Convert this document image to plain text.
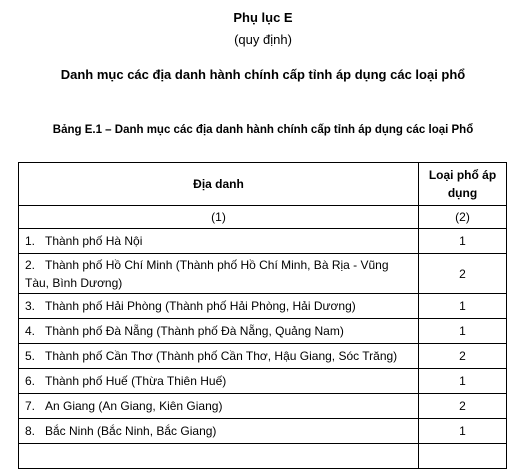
Phụ lục E
(quy định)
Danh mục các địa danh hành chính cấp tỉnh áp dụng các loại phổ
Bảng E.1 – Danh mục các địa danh hành chính cấp tỉnh áp dụng các loại Phổ
Địa danh	Loại phổ áp dụng
(1)	(2)
1. Thành phố Hà Nội	1

2. Thành phố Hồ Chí Minh (Thành phố Hồ Chí Minh, Bà Rịa - Vũng
Tàu, Bình Dương)	2
3. Thành phố Hải Phòng (Thành phố Hải Phòng, Hải Dương)	1
4. Thành phố Đà Nẵng (Thành phố Đà Nẵng, Quảng Nam)	1
5. Thành phố Cần Thơ (Thành phố Cần Thơ, Hậu Giang, Sóc Trăng)	2
6. Thành phố Huế (Thừa Thiên Huế)	1
7. An Giang (An Giang, Kiên Giang)	2
8. Bắc Ninh (Bắc Ninh, Bắc Giang)	1
